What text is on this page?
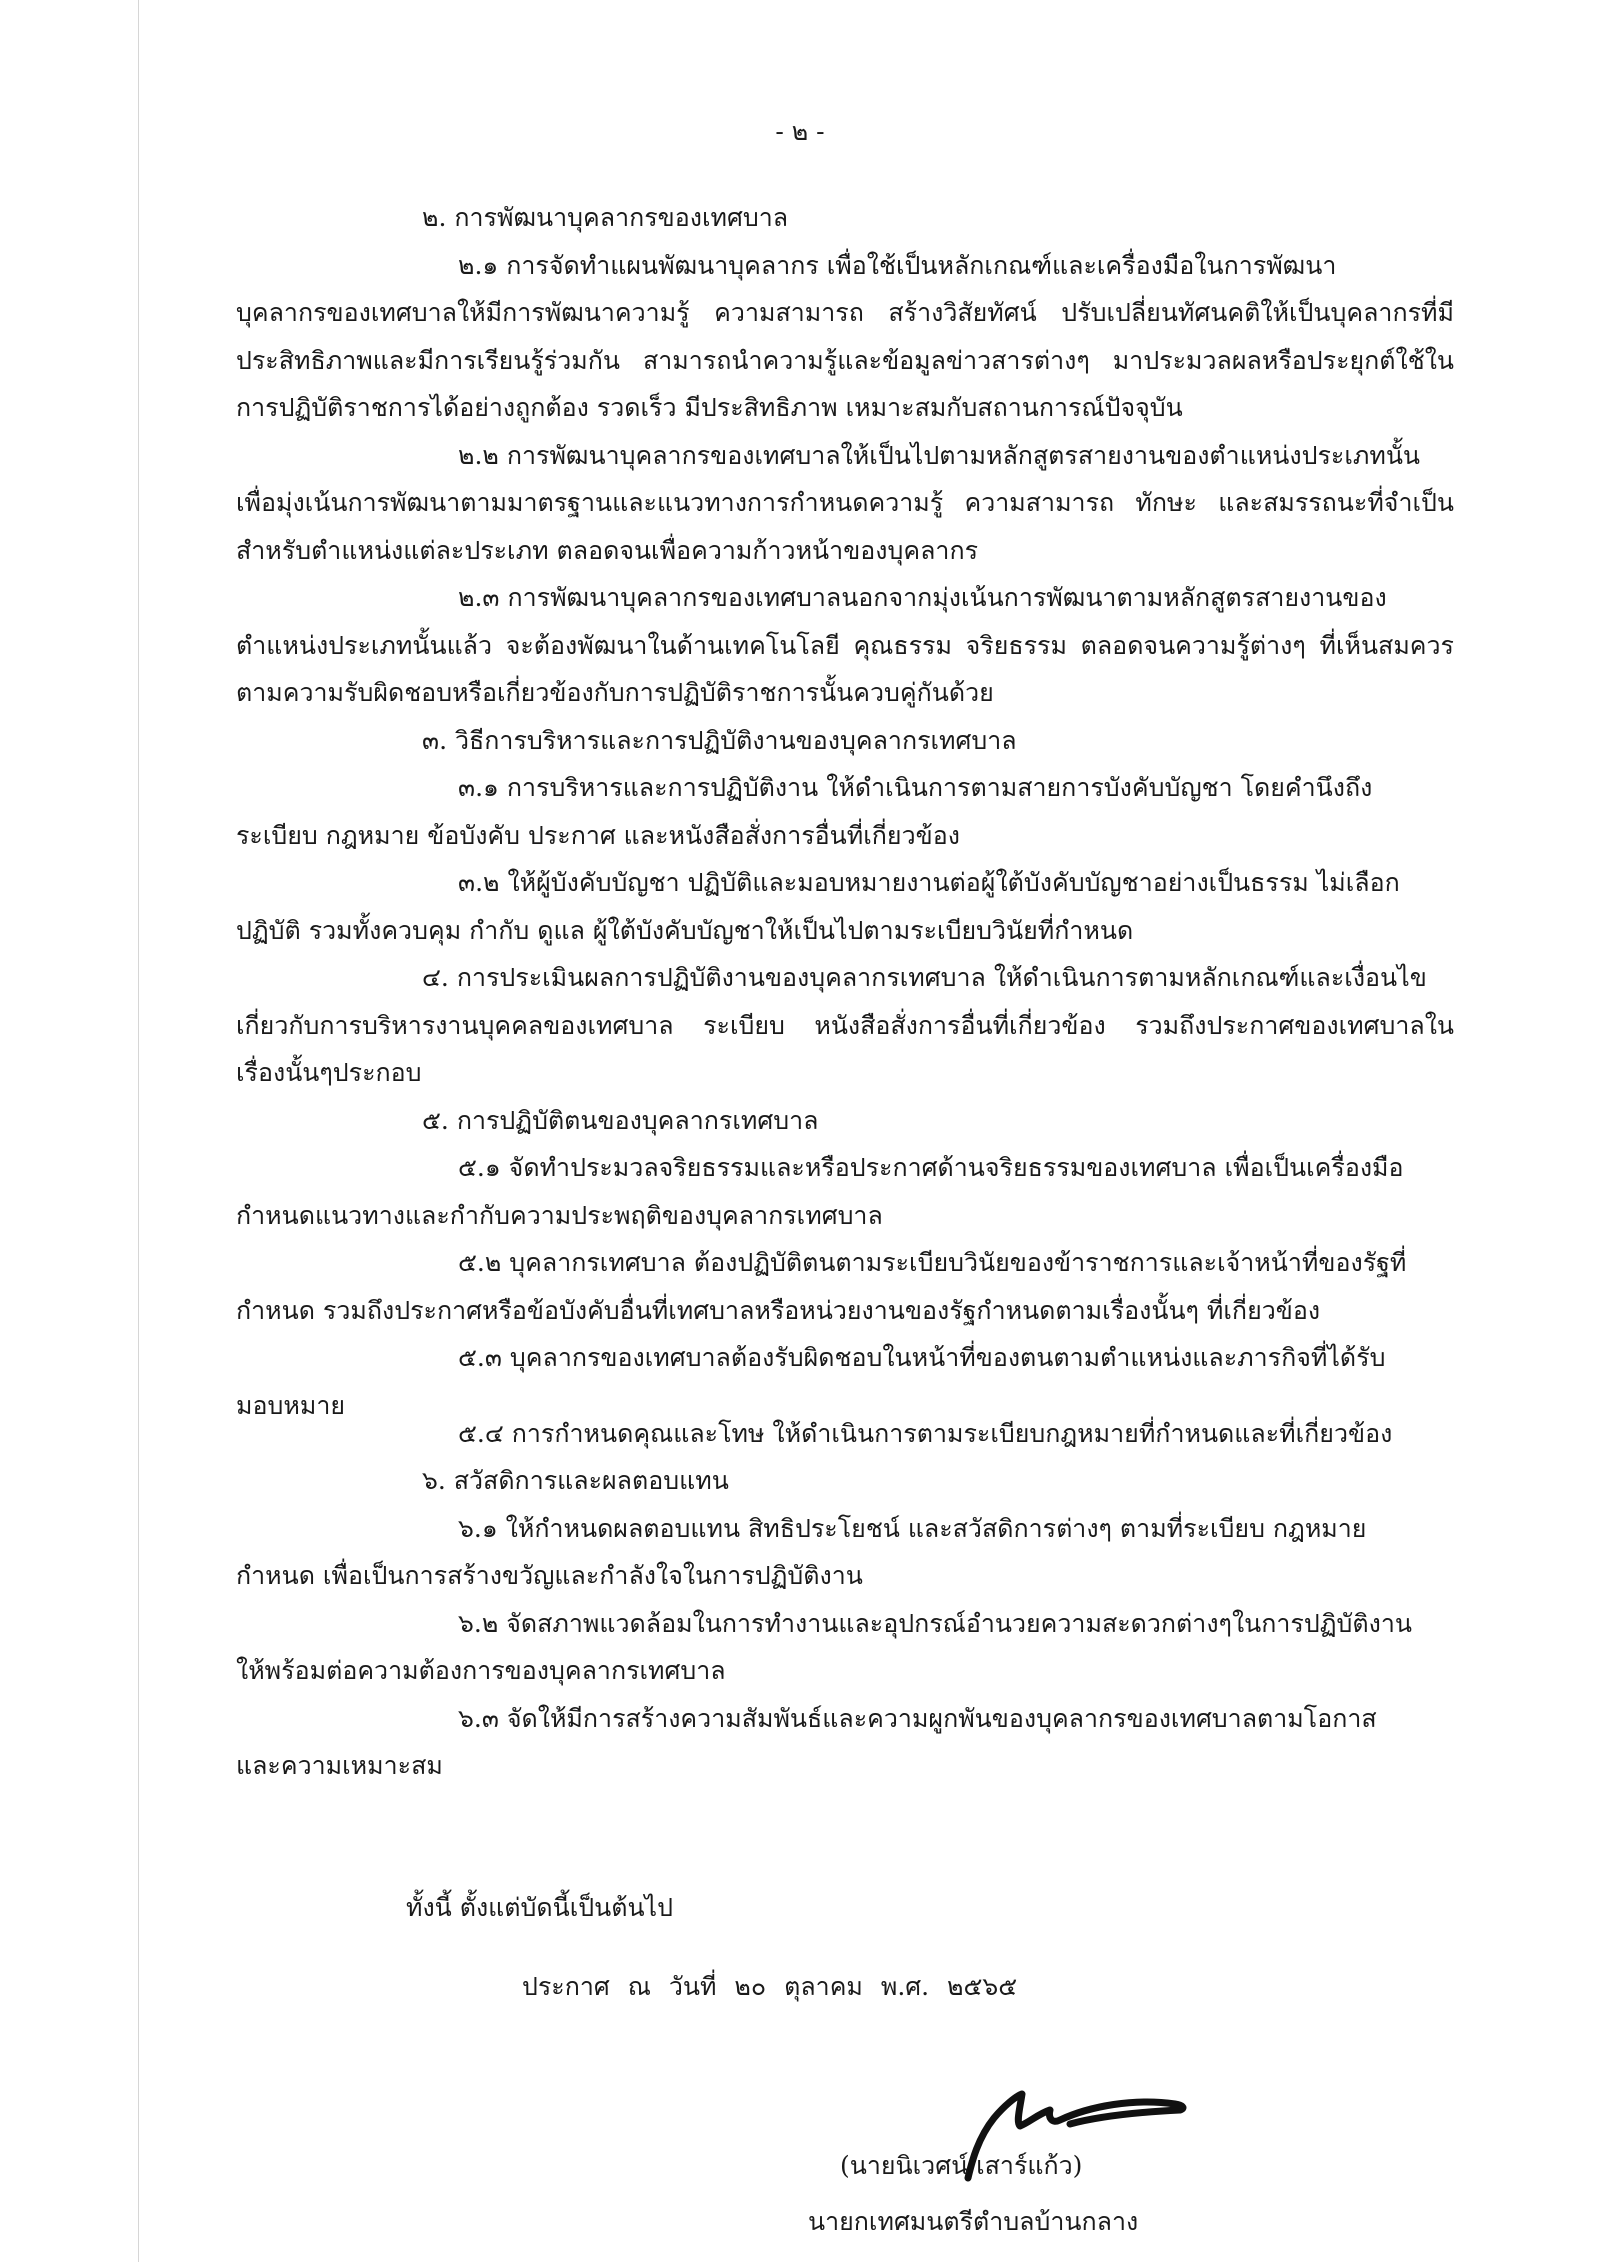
- ๒ -
๒. การพัฒนาบุคลากรของเทศบาล
๒.๑ การจัดทำแผนพัฒนาบุคลากร เพื่อใช้เป็นหลักเกณฑ์และเครื่องมือในการพัฒนา
บุคลากรของเทศบาลให้มีการพัฒนาความรู้ ความสามารถ สร้างวิสัยทัศน์ ปรับเปลี่ยนทัศนคติให้เป็นบุคลากรที่มี
ประสิทธิภาพและมีการเรียนรู้ร่วมกัน สามารถนำความรู้และข้อมูลข่าวสารต่างๆ มาประมวลผลหรือประยุกต์ใช้ใน
การปฏิบัติราชการได้อย่างถูกต้อง รวดเร็ว มีประสิทธิภาพ เหมาะสมกับสถานการณ์ปัจจุบัน
๒.๒ การพัฒนาบุคลากรของเทศบาลให้เป็นไปตามหลักสูตรสายงานของตำแหน่งประเภทนั้น
เพื่อมุ่งเน้นการพัฒนาตามมาตรฐานและแนวทางการกำหนดความรู้ ความสามารถ ทักษะ และสมรรถนะที่จำเป็น
สำหรับตำแหน่งแต่ละประเภท ตลอดจนเพื่อความก้าวหน้าของบุคลากร
๒.๓ การพัฒนาบุคลากรของเทศบาลนอกจากมุ่งเน้นการพัฒนาตามหลักสูตรสายงานของ
ตำแหน่งประเภทนั้นแล้ว จะต้องพัฒนาในด้านเทคโนโลยี คุณธรรม จริยธรรม ตลอดจนความรู้ต่างๆ ที่เห็นสมควร
ตามความรับผิดชอบหรือเกี่ยวข้องกับการปฏิบัติราชการนั้นควบคู่กันด้วย
๓. วิธีการบริหารและการปฏิบัติงานของบุคลากรเทศบาล
๓.๑ การบริหารและการปฏิบัติงาน ให้ดำเนินการตามสายการบังคับบัญชา โดยคำนึงถึง
ระเบียบ กฎหมาย ข้อบังคับ ประกาศ และหนังสือสั่งการอื่นที่เกี่ยวข้อง
๓.๒ ให้ผู้บังคับบัญชา ปฏิบัติและมอบหมายงานต่อผู้ใต้บังคับบัญชาอย่างเป็นธรรม ไม่เลือก
ปฏิบัติ รวมทั้งควบคุม กำกับ ดูแล ผู้ใต้บังคับบัญชาให้เป็นไปตามระเบียบวินัยที่กำหนด
๔. การประเมินผลการปฏิบัติงานของบุคลากรเทศบาล ให้ดำเนินการตามหลักเกณฑ์และเงื่อนไข
เกี่ยวกับการบริหารงานบุคคลของเทศบาล ระเบียบ หนังสือสั่งการอื่นที่เกี่ยวข้อง รวมถึงประกาศของเทศบาลใน
เรื่องนั้นๆประกอบ
๕. การปฏิบัติตนของบุคลากรเทศบาล
๕.๑ จัดทำประมวลจริยธรรมและหรือประกาศด้านจริยธรรมของเทศบาล เพื่อเป็นเครื่องมือ
กำหนดแนวทางและกำกับความประพฤติของบุคลากรเทศบาล
๕.๒ บุคลากรเทศบาล ต้องปฏิบัติตนตามระเบียบวินัยของข้าราชการและเจ้าหน้าที่ของรัฐที่
กำหนด รวมถึงประกาศหรือข้อบังคับอื่นที่เทศบาลหรือหน่วยงานของรัฐกำหนดตามเรื่องนั้นๆ ที่เกี่ยวข้อง
๕.๓ บุคลากรของเทศบาลต้องรับผิดชอบในหน้าที่ของตนตามตำแหน่งและภารกิจที่ได้รับ
มอบหมาย
๕.๔ การกำหนดคุณและโทษ ให้ดำเนินการตามระเบียบกฎหมายที่กำหนดและที่เกี่ยวข้อง
๖. สวัสดิการและผลตอบแทน
๖.๑ ให้กำหนดผลตอบแทน สิทธิประโยชน์ และสวัสดิการต่างๆ ตามที่ระเบียบ กฎหมาย
กำหนด เพื่อเป็นการสร้างขวัญและกำลังใจในการปฏิบัติงาน
๖.๒ จัดสภาพแวดล้อมในการทำงานและอุปกรณ์อำนวยความสะดวกต่างๆในการปฏิบัติงาน
ให้พร้อมต่อความต้องการของบุคลากรเทศบาล
๖.๓ จัดให้มีการสร้างความสัมพันธ์และความผูกพันของบุคลากรของเทศบาลตามโอกาส
และความเหมาะสม
ทั้งนี้ ตั้งแต่บัดนี้เป็นต้นไป
ประกาศ ณ วันที่ ๒๐ ตุลาคม พ.ศ. ๒๕๖๕
(นายนิเวศน์ เสาร์แก้ว)
นายกเทศมนตรีตำบลบ้านกลาง
